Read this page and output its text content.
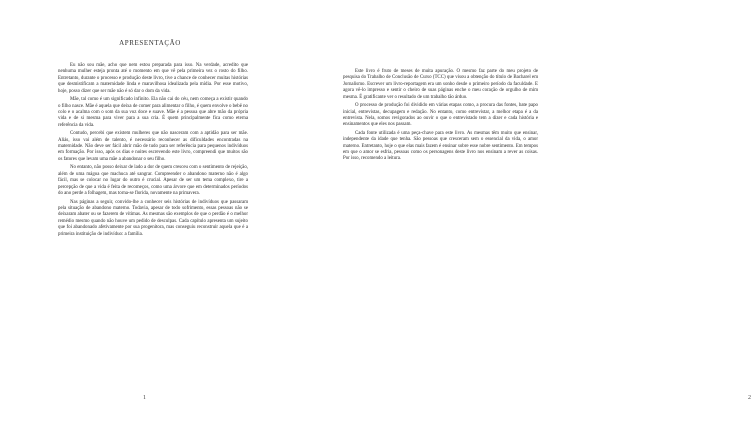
APRESENTAÇÃO

Eu não sou mãe, acho que nem estou preparada para isso. Na verdade, acredito que nenhuma mulher esteja pronta até o momento em que vê pela primeira vez o rosto do filho. Entretanto, durante o processo e produção deste livro, tive a chance de conhecer muitas histórias que desmistificam a maternidade linda e maravilhosa idealizada pela mídia. Por esse motivo, hoje, posso dizer que ser mãe não é só dar o dom da vida.

Mãe, tal como é um significado infinito. Ela não cai do céu, nem começa a existir quando o filho nasce. Mãe é aquela que deixa de comer para alimentar o filho, é quem envolve o bebê no colo e o acalma com o som da sua voz doce e suave. Mãe é a pessoa que abre mão da própria vida e de si mesma para viver para a sua cria. É quem principalmente fica como eterna referência da vida.

Contudo, percebi que existem mulheres que não nasceram com a aptidão para ser mãe. Aliás, isso vai além de talento, é necessário reconhecer as dificuldades encontradas na maternidade. Não deve ser fácil abrir mão de tudo para ser referência para pequenos indivíduos em formação. Por isso, após os dias e noites escrevendo este livro, compreendi que muitos são os fatores que levam uma mãe a abandonar o seu filho.

No entanto, não posso deixar de lado a dor de quem cresceu com o sentimento de rejeição, além de uma mágoa que machuca até sangrar. Compreender o abandono materno não é algo fácil, mas se colocar no lugar do outro é crucial. Apesar de ser um tema complexo, tire a percepção de que a vida é feita de recomeços, como uma árvore que em determinados períodos do ano perde a folhagem, mas torna-se florida, novamente na primavera.

Nas páginas a seguir, convido-lhe a conhecer seis histórias de indivíduos que passaram pela situação de abandono materno. Todavia, apesar de todo sofrimento, essas pessoas não se deixaram abater ou se fazerem de vítimas. As mesmas são exemplos de que o perdão é o melhor remédio mesmo quando não houve um pedido de desculpas. Cada capítulo apresenta um sujeito que foi abandonado afetivamente por sua progenitora, mas conseguiu reconstruir aquela que é a primeira instituição de indivíduo: a família.

1	2

Este livro é fruto de meses de muita apuração. O mesmo faz parte do meu projeto de pesquisa do Trabalho de Conclusão de Curso (TCC) que visou a obtenção do título de Bacharel em Jornalismo. Escrever um livro-reportagem era um sonho desde o primeiro período da faculdade. E agora vê-lo impresso e sentir o cheiro de suas páginas enche o meu coração de orgulho de mim mesma. É gratificante ver o resultado de um trabalho tão árduo.

O processo de produção foi dividido em várias etapas como, a procura das fontes, bate papo inicial, entrevistas, decupagem e redação. No entanto, como entrevistar, a melhor etapa é a da entrevista. Nela, somos revigorados ao ouvir o que o entrevistado tem a dizer e cada história e ensinamentos que eles nos passam.

Cada fonte utilizada é uma peça-chave para este livro. As mesmas têm muito que ensinar, independente da idade que tenha. São pessoas que cresceram sem o essencial da vida, o amor materno. Entretanto, hoje o que elas mais fazem é ensinar sobre esse nobre sentimento. Em tempos em que o amor se esfria, pessoas como os personagens deste livro nos ensinam a rever as coisas. Por isso, recomendo a leitura.
